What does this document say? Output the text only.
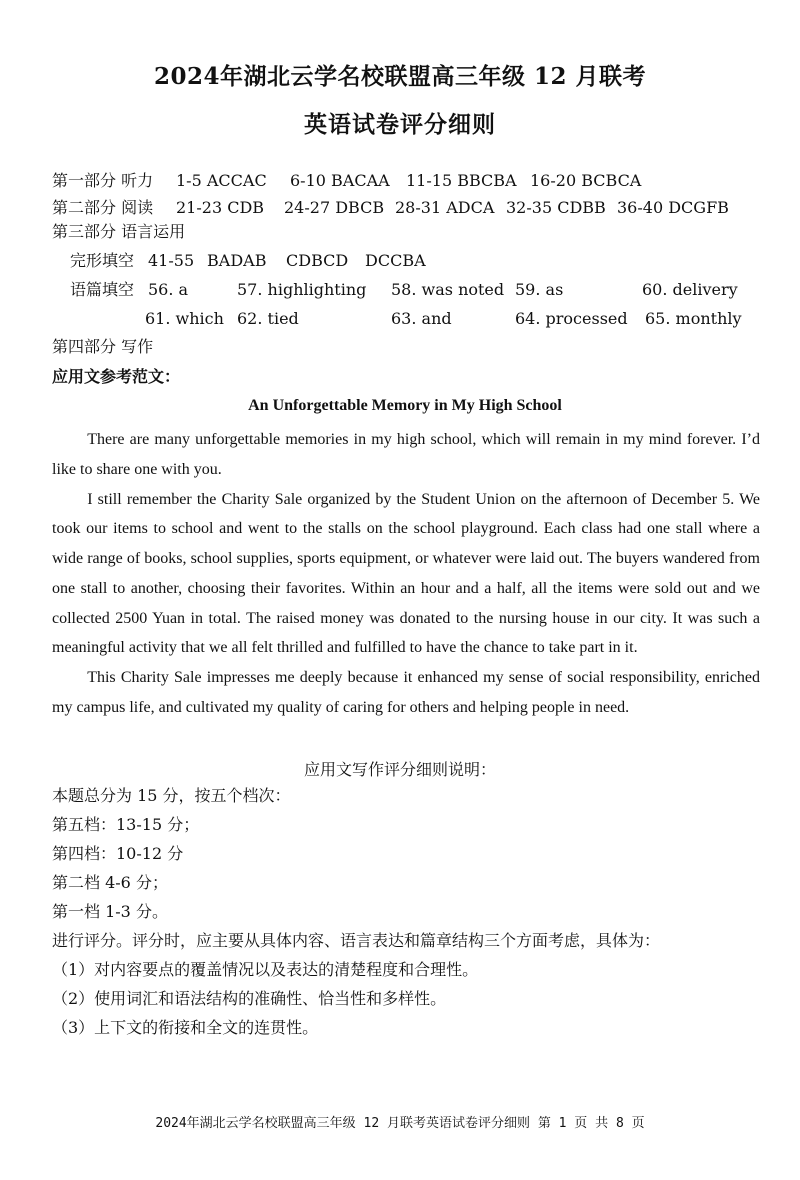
2024年湖北云学名校联盟高三年级 12 月联考
英语试卷评分细则
第一部分 听力 1-5 ACCAC 6-10 BACAA 11-15 BBCBA 16-20 BCBCA
第二部分 阅读 21-23 CDB 24-27 DBCB 28-31 ADCA 32-35 CDBB 36-40 DCGFB
第三部分 语言运用
完形填空 41-55 BADAB CDBCD DCCBA
语篇填空 56. a	57. highlighting 58. was noted 59. as	60. delivery
61. which 62. tied	63. and	64. processed 65. monthly
第四部分 写作
应用文参考范文：
An Unforgettable Memory in My High School

There are many unforgettable memories in my high school, which will remain in my mind forever. I’d like to share one with you.

I still remember the Charity Sale organized by the Student Union on the afternoon of December 5. We took our items to school and went to the stalls on the school playground. Each class had one stall where a wide range of books, school supplies, sports equipment, or whatever were laid out. The buyers wandered from one stall to another, choosing their favorites. Within an hour and a half, all the items were sold out and we collected 2500 Yuan in total. The raised money was donated to the nursing house in our city. It was such a meaningful activity that we all felt thrilled and fulfilled to have the chance to take part in it.

This Charity Sale impresses me deeply because it enhanced my sense of social responsibility, enriched my campus life, and cultivated my quality of caring for others and helping people in need.

应用文写作评分细则说明：
本题总分为 15 分，按五个档次：
第五档：13-15 分；
第四档：10-12 分
第二档 4-6 分；
第一档 1-3 分。
进行评分。评分时，应主要从具体内容、语言表达和篇章结构三个方面考虑，具体为：
（1）对内容要点的覆盖情况以及表达的清楚程度和合理性。
（2）使用词汇和语法结构的准确性、恰当性和多样性。
（3）上下文的衔接和全文的连贯性。
2024年湖北云学名校联盟高三年级 12 月联考英语试卷评分细则 第 1 页 共 8 页
